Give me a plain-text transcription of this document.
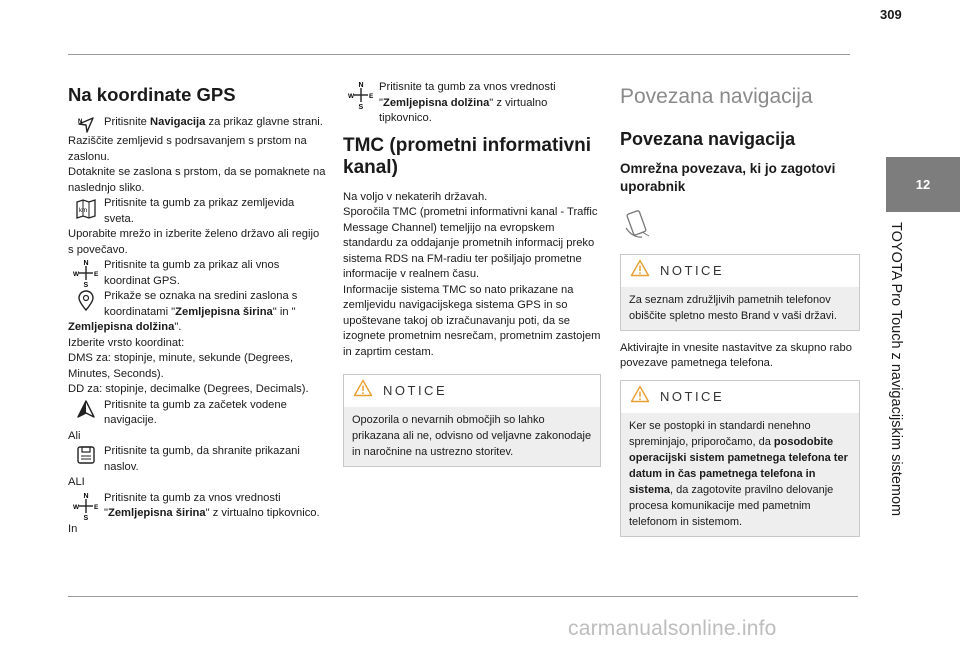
309
12
TOYOTA Pro Touch z navigacijskim sistemom
Na koordinate GPS
N Pritisnite Navigacija za prikaz glavne strani.

Raziščite zemljevid s podrsavanjem s prstom na zaslonu.

Dotaknite se zaslona s prstom, da se pomaknete na naslednjo sliko.

km

Pritisnite ta gumb za prikaz zemljevida sveta.

Uporabite mrežo in izberite želeno državo ali regijo s povečavo.

N
S
W E

Pritisnite ta gumb za prikaz ali vnos koordinat GPS.

Prikaže se oznaka na sredini zaslona s koordinatami "Zemljepisna širina" in "

Zemljepisna dolžina".

Izberite vrsto koordinat:

DMS za: stopinje, minute, sekunde (Degrees, Minutes, Seconds).

DD za: stopinje, decimalke (Degrees, Decimals).

Pritisnite ta gumb za začetek vodene navigacije.

Ali

Pritisnite ta gumb, da shranite prikazani naslov.

ALI

N
S
W E

Pritisnite ta gumb za vnos vrednosti "Zemljepisna širina" z virtualno tipkovnico.

In

N
S
W E

Pritisnite ta gumb za vnos vrednosti "Zemljepisna dolžina" z virtualno tipkovnico.

TMC (prometni informativni kanal)

Na voljo v nekaterih državah.
Sporočila TMC (prometni informativni kanal - Traffic Message Channel) temeljijo na evropskem standardu za oddajanje prometnih informacij preko sistema RDS na FM-radiu ter pošiljajo prometne informacije v realnem času.
Informacije sistema TMC so nato prikazane na zemljevidu navigacijskega sistema GPS in so upoštevane takoj ob izračunavanju poti, da se izognete prometnim nesrečam, prometnim zastojem in zaprtim cestam.

NOTICE
Opozorila o nevarnih območjih so lahko prikazana ali ne, odvisno od veljavne zakonodaje in naročnine na ustrezno storitev.
Povezana navigacija
Povezana navigacija
Omrežna povezava, ki jo zagotovi uporabnik
NOTICE
Za seznam združljivih pametnih telefonov obiščite spletno mesto Brand v vaši državi.

Aktivirajte in vnesite nastavitve za skupno rabo povezave pametnega telefona.

NOTICE
Ker se postopki in standardi nenehno spreminjajo, priporočamo, da posodobite operacijski sistem pametnega telefona ter datum in čas pametnega telefona in sistema, da zagotovite pravilno delovanje procesa komunikacije med pametnim telefonom in sistemom.
carmanualsonline.info
